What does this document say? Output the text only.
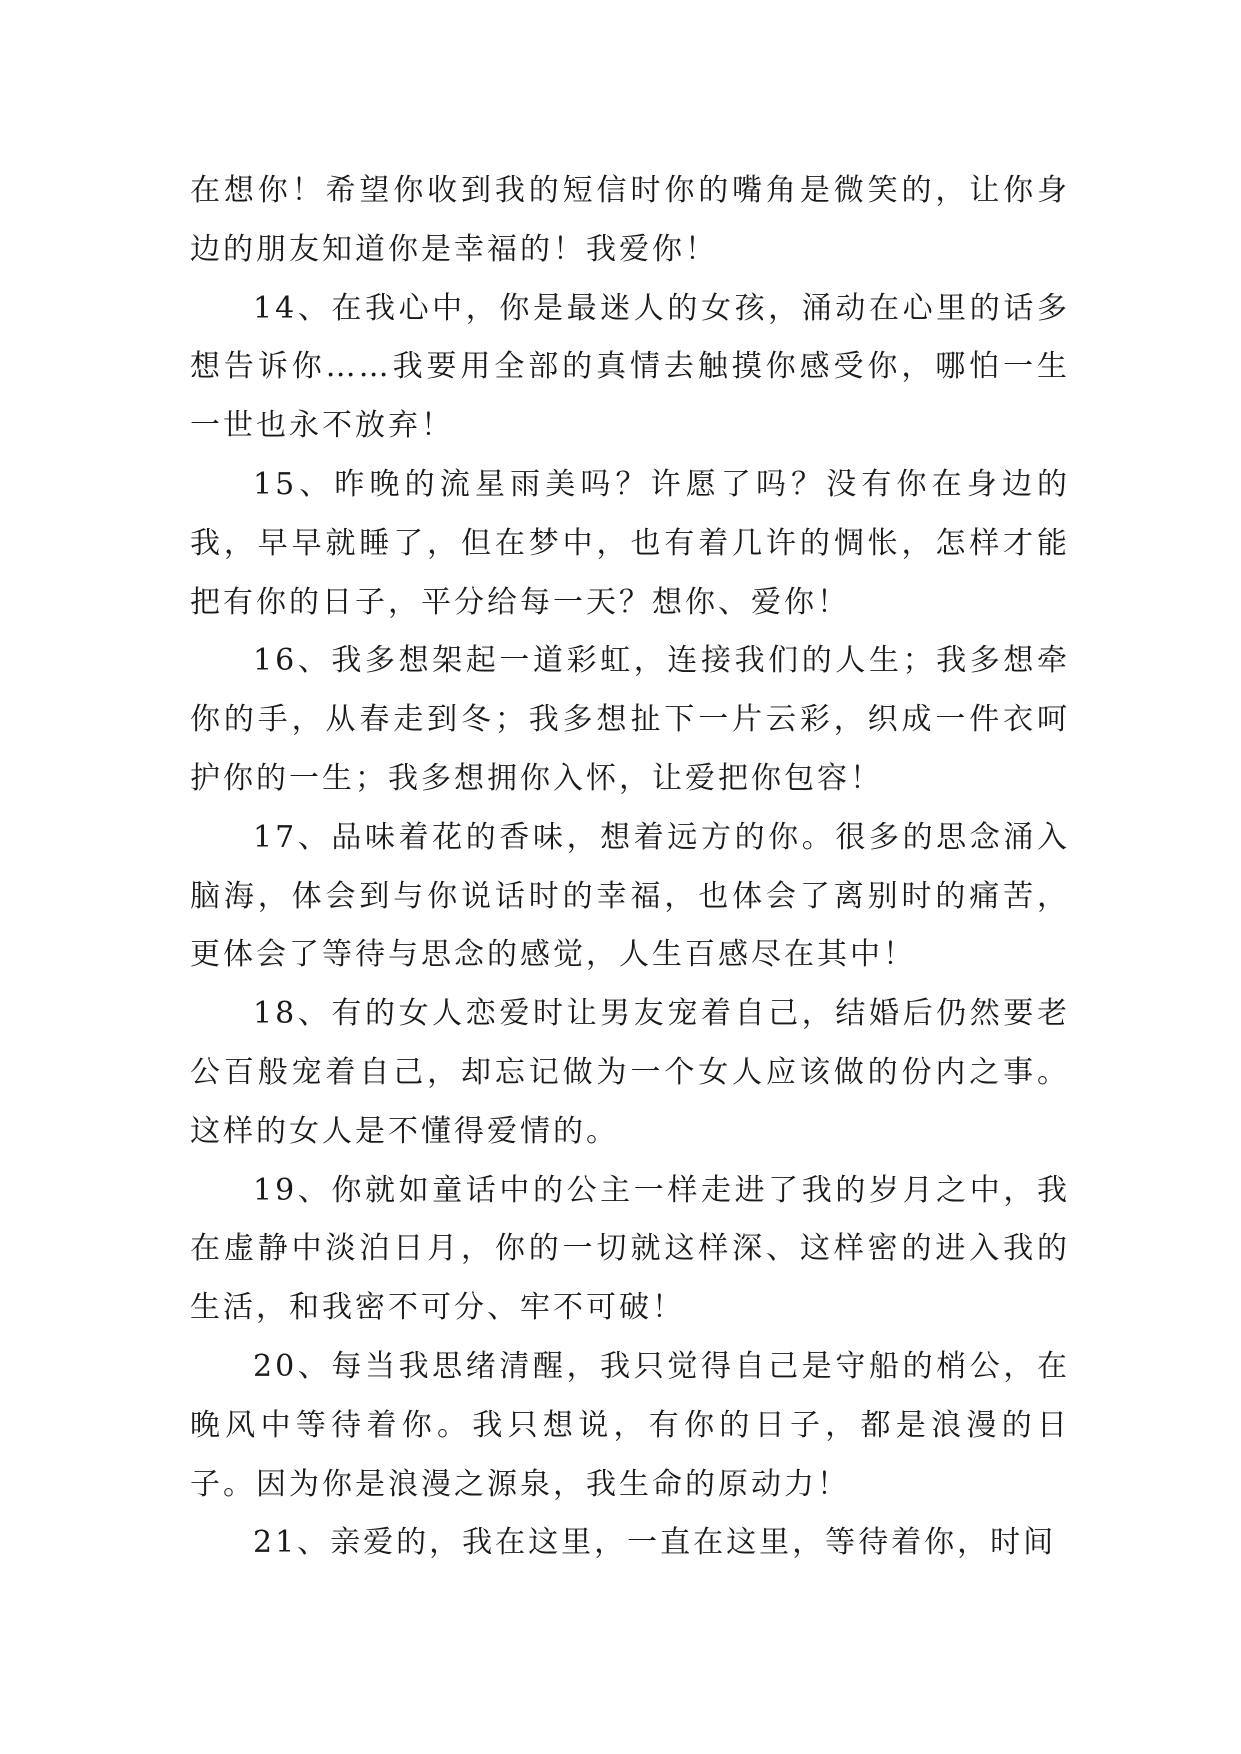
在想你！希望你收到我的短信时你的嘴角是微笑的，让你身边的朋友知道你是幸福的！我爱你！

14、在我心中，你是最迷人的女孩，涌动在心里的话多想告诉你……我要用全部的真情去触摸你感受你，哪怕一生一世也永不放弃！

15、昨晚的流星雨美吗？许愿了吗？没有你在身边的我，早早就睡了，但在梦中，也有着几许的惆怅，怎样才能把有你的日子，平分给每一天？想你、爱你！

16、我多想架起一道彩虹，连接我们的人生；我多想牵你的手，从春走到冬；我多想扯下一片云彩，织成一件衣呵护你的一生；我多想拥你入怀，让爱把你包容！

17、品味着花的香味，想着远方的你。很多的思念涌入脑海，体会到与你说话时的幸福，也体会了离别时的痛苦，更体会了等待与思念的感觉，人生百感尽在其中！

18、有的女人恋爱时让男友宠着自己，结婚后仍然要老公百般宠着自己，却忘记做为一个女人应该做的份内之事。这样的女人是不懂得爱情的。

19、你就如童话中的公主一样走进了我的岁月之中，我在虚静中淡泊日月，你的一切就这样深、这样密的进入我的生活，和我密不可分、牢不可破！

20、每当我思绪清醒，我只觉得自己是守船的梢公，在晚风中等待着你。我只想说，有你的日子，都是浪漫的日子。因为你是浪漫之源泉，我生命的原动力！

21、亲爱的，我在这里，一直在这里，等待着你，时间
